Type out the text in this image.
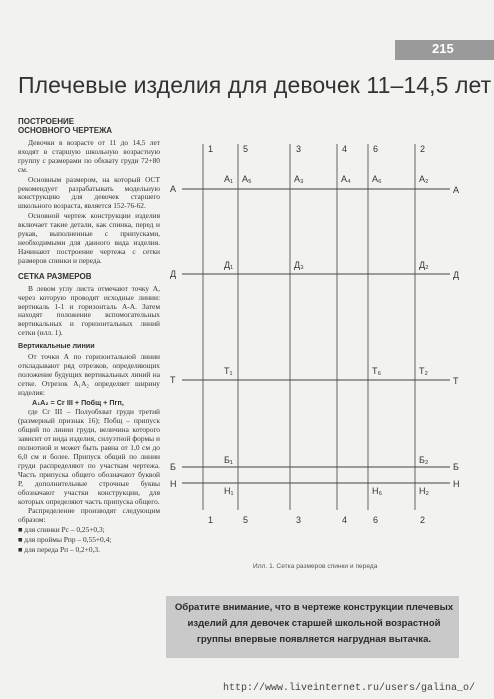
215
Плечевые изделия для девочек 11–14,5 лет

ПОСТРОЕНИЕ

ОСНОВНОГО ЧЕРТЕЖА

Девочки в возрасте от 11 до 14,5 лет входят в старшую школьную возрастную группу с размерами по обхвату груди 72+80 см.

Основным размером, на который ОСТ рекомендует разрабатывать модельную конструкцию для девочек старшего школьного возраста, является 152-76-62.

Основной чертеж конструкции изделия включает такие детали, как спинка, перед и рукав, выполненные с припусками, необходимыми для данного вида изделия. Начинают построение чертежа с сетки размеров спинки и переда.

СЕТКА РАЗМЕРОВ

В левом углу листа отмечают точку А, через которую проводят исходные линии: вертикаль 1-1 и горизонталь А-А. Затем находят положение вспомогательных вертикальных и горизонтальных линий сетки (илл. 1).

Вертикальные линии

От точки А по горизонтальной линии откладывают ряд отрезков, определяющих положение будущих вертикальных линий на сетке. Отрезок А₁А₂ определяет ширину изделия:

А₁А₂ = Сг III + Побщ + Пгп,

где Сг III – Полуобхват груди третий (размерный признак 16); Побщ – припуск общий по линии груди, величина которого зависит от вида изделия, силуэтной формы и полнотной и может быть равна от 1,0 см до 6,0 см и более. Припуск общий по линии груди распределяют по участкам чертежа. Часть припуска общего обозначают буквой Р, дополнительные строчные буквы обозначают участки конструкции, для которых определяют часть припуска общего.

Распределение производят следующим образом:

■ для спинки Рс – 0,25+0,3;

■ для проймы Рпр – 0,55+0,4;

■ для переда Рп – 0,2+0,3.

1	5	3	4	6	2
1	5	3	4	6	2
А	А
Д	Д
Т	Т
Б	Б
Н	Н
А₁ А₅	А₃	А₄ А₆	А₂
Д₁	Д₃	Д₂
Т₁	Т₆	Т₂
Б₁	Б₂
Н₁	Н₆	Н₂
Илл. 1. Сетка размеров спинки и переда
Обратите внимание, что в чертеже конструкции плечевых изделий для девочек старшей школьной возрастной группы впервые появляется нагрудная вытачка.
http://www.liveinternet.ru/users/galina_o/
